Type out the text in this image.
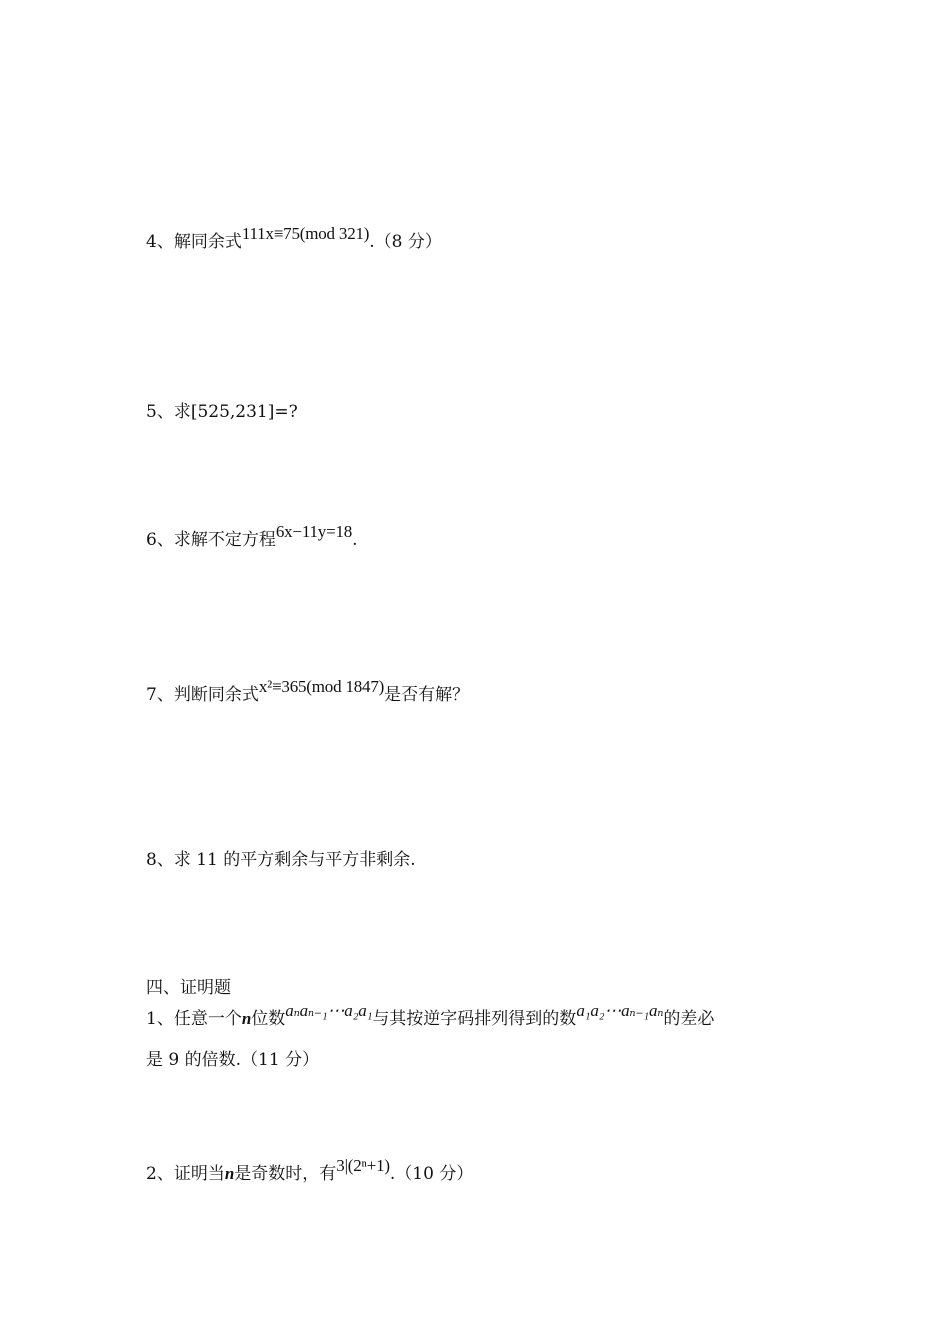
4、解同余式111x≡75(mod 321).（8 分）
5、求[525,231]=?
6、求解不定方程6x−11y=18.
7、判断同余式x²≡365(mod 1847)是否有解？
8、求 11 的平方剩余与平方非剩余.
四、证明题
1、任意一个n位数aₙaₙ₋₁⋯a₂a₁与其按逆字码排列得到的数a₁a₂⋯aₙ₋₁aₙ的差必
是 9 的倍数.（11 分）
2、证明当n是奇数时，有3|(2ⁿ+1).（10 分）
